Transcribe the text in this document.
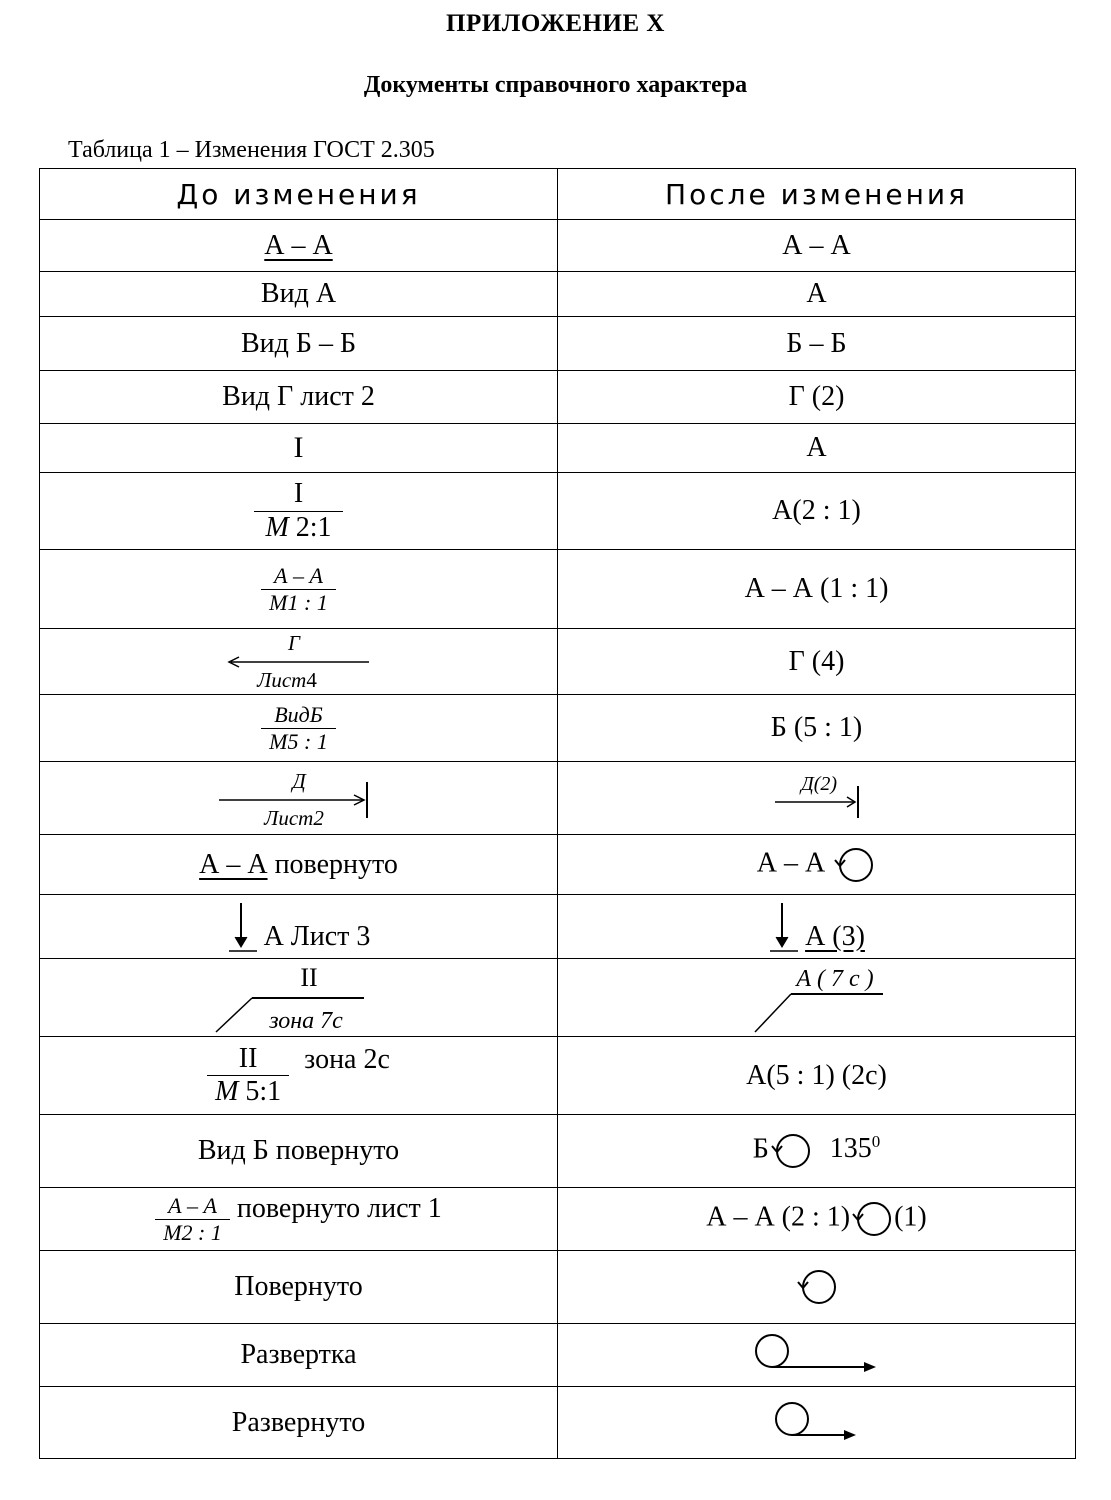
ПРИЛОЖЕНИЕ Х
Документы справочного характера
Таблица 1 – Изменения ГОСТ 2.305
До изменения	После изменения
А – А	А – А
Вид А	А
Вид Б – Б	Б – Б
Вид Г лист 2	Г (2)
I	А

$\frac{I}{М 2:1}$	А(2 : 1)

$\frac{А - А}{М1 : 1}$	А – А (1 : 1)

Г
Лист4	Г (4)

$\frac{\text{ВидБ}}{М5 : 1}$	Б (5 : 1)

Д
Лист2	Д(2)

А – А повернуто	А – А
А Лист 3	А (3)

II
зона 7с	А ( 7 с )

$\frac{II}{М 5:1}$ зона 2с	А(5 : 1) (2с)
Вид Б повернуто	Б $135^0$

$\frac{А - А}{М2 : 1}$ повернуто лист 1	А – А (2 : 1) (1)
Повернуто	
Развертка	
Развернуто	
